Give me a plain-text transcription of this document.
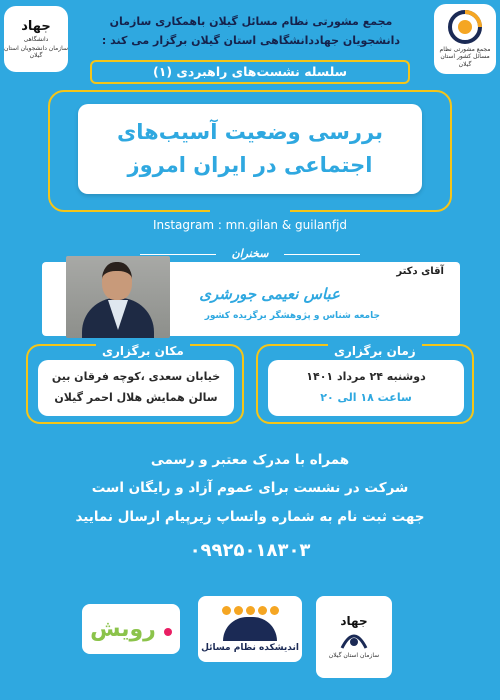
جهاد
دانشگاهی
سازمان دانشجویان استان گیلان
مجمع مشورتی نظام مسائل کشور استان گیلان
مجمع مشورتی نظام مسائل گیلان باهمکاری سازمان
دانشجویان جهاددانشگاهی استان گیلان برگزار می کند :
سلسله نشست‌های راهبردی (۱)
بررسی وضعیت آسیب‌های
اجتماعی در ایران امروز
Instagram : mn.gilan & guilanfjd
سخنران
آقای دکتر
عباس نعیمی جورشری
جامعه شناس و پژوهشگر برگزیده کشور
خیابان سعدی ،کوچه فرقان بین
سالن همایش هلال احمر گیلان
مکان برگزاری
دوشنبه ۲۴ مرداد ۱۴۰۱
ساعت ۱۸ الی ۲۰
زمان برگزاری
همراه با مدرک معتبر و رسمی
شرکت در نشست برای عموم آزاد و رایگان است
جهت ثبت نام به شماره واتساپ زیرپیام ارسال نمایید
۰۹۹۲۵۰۱۸۳۰۳
رویش
اندیشکده نظام مسائل
جهاد
سازمان استان گیلان
